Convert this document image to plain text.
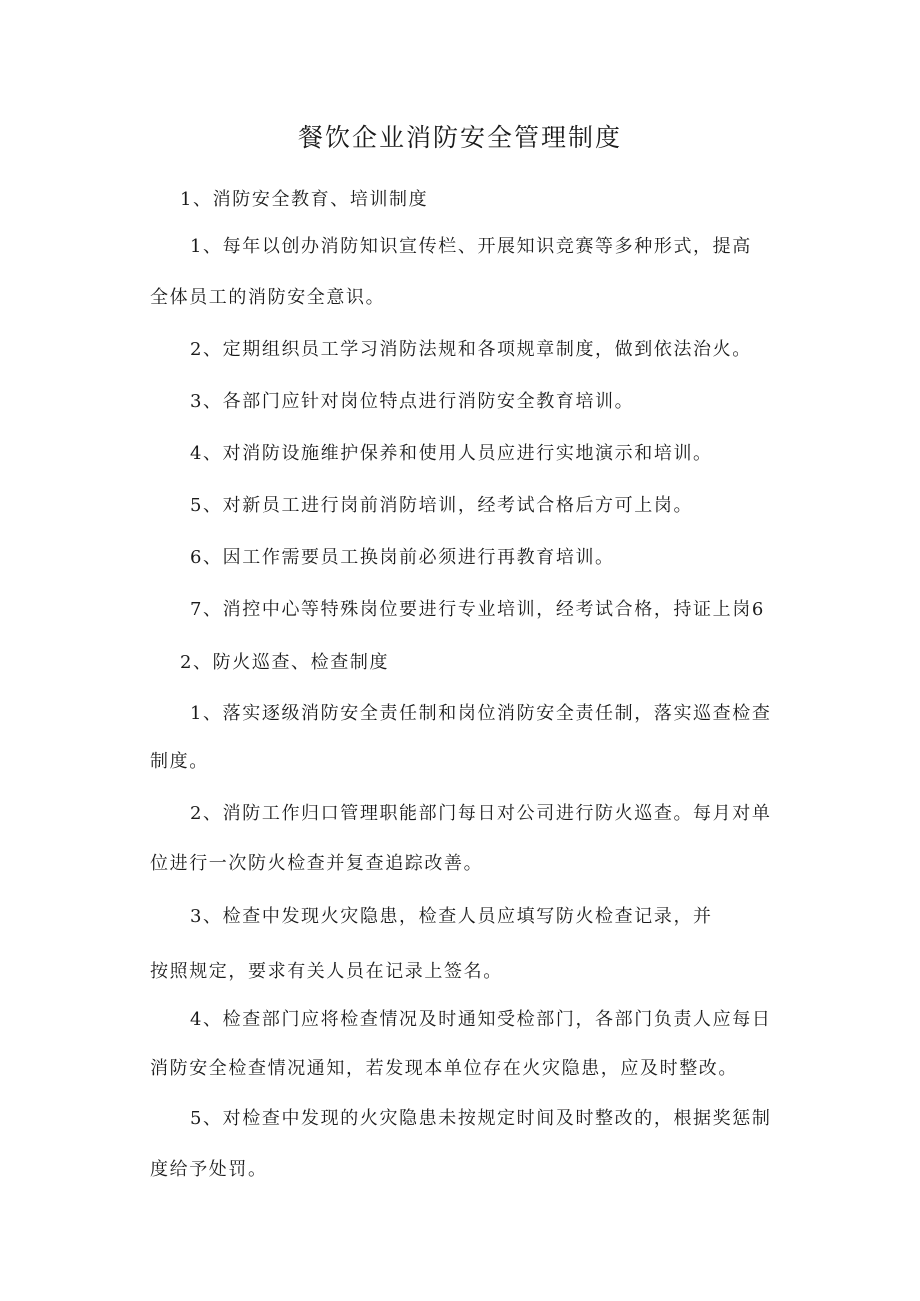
餐饮企业消防安全管理制度
1、消防安全教育、培训制度
1、每年以创办消防知识宣传栏、开展知识竞赛等多种形式，提高
全体员工的消防安全意识。
2、定期组织员工学习消防法规和各项规章制度，做到依法治火。
3、各部门应针对岗位特点进行消防安全教育培训。
4、对消防设施维护保养和使用人员应进行实地演示和培训。
5、对新员工进行岗前消防培训，经考试合格后方可上岗。
6、因工作需要员工换岗前必须进行再教育培训。
7、消控中心等特殊岗位要进行专业培训，经考试合格，持证上岗6
2、防火巡查、检查制度
1、落实逐级消防安全责任制和岗位消防安全责任制，落实巡查检查
制度。
2、消防工作归口管理职能部门每日对公司进行防火巡查。每月对单
位进行一次防火检查并复查追踪改善。
3、检查中发现火灾隐患，检查人员应填写防火检查记录，并
按照规定，要求有关人员在记录上签名。
4、检查部门应将检查情况及时通知受检部门，各部门负责人应每日
消防安全检查情况通知，若发现本单位存在火灾隐患，应及时整改。
5、对检查中发现的火灾隐患未按规定时间及时整改的，根据奖惩制
度给予处罚。
